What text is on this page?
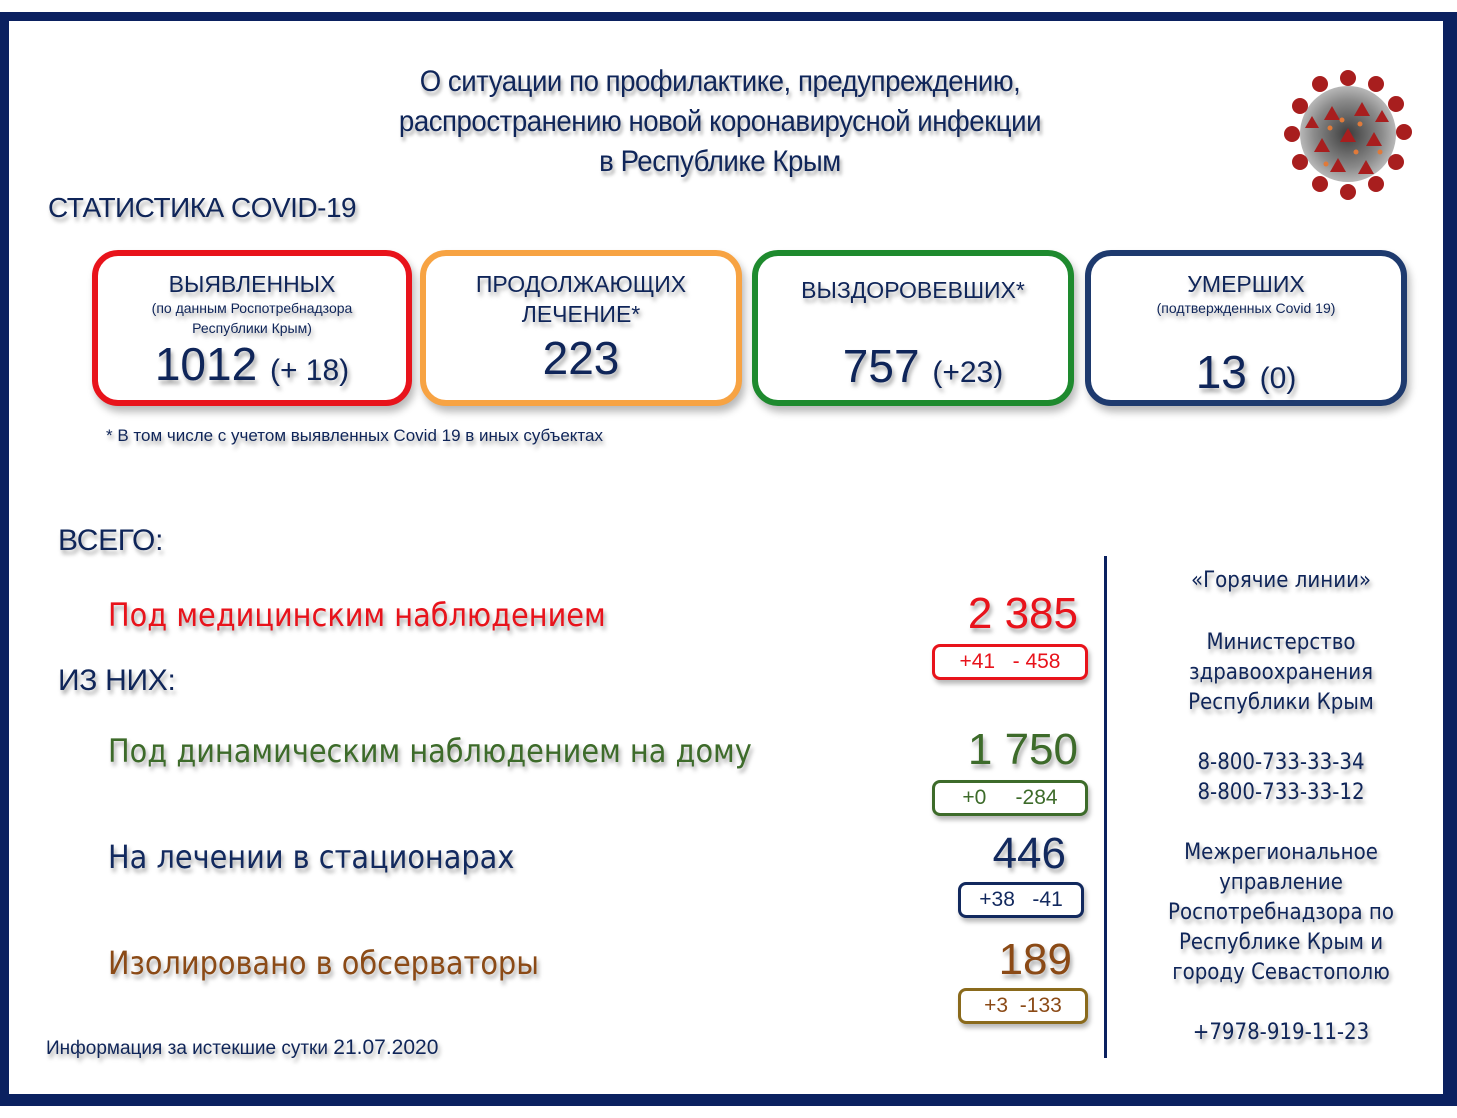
О ситуации по профилактике, предупреждению,
распространению новой коронавирусной инфекции
в Республике Крым
СТАТИСТИКА COVID-19
ВЫЯВЛЕННЫХ
(по данным Роспотребнадзора
Республики Крым)
1012 (+ 18)
ПРОДОЛЖАЮЩИХ
ЛЕЧЕНИЕ*
223
ВЫЗДОРОВЕВШИХ*
757 (+23)
УМЕРШИХ
(подтвержденных Covid 19)
13 (0)
* В том числе с учетом выявленных Covid 19 в иных субъектах
ВСЕГО:
ИЗ НИХ:
Под медицинским наблюдением	2 385
+41 - 458
Под динамическим наблюдением на дому	1 750
+0 -284
На лечении в стационарах	446
+38 -41
Изолировано в обсерваторы	189
+3 -133

«Горячие линии»

Министерство

здравоохранения

Республики Крым

8-800-733-33-34

8-800-733-33-12

Межрегиональное

управление

Роспотребнадзора по

Республике Крым и

городу Севастополю

+7978-919-11-23

Информация за истекшие сутки 21.07.2020
